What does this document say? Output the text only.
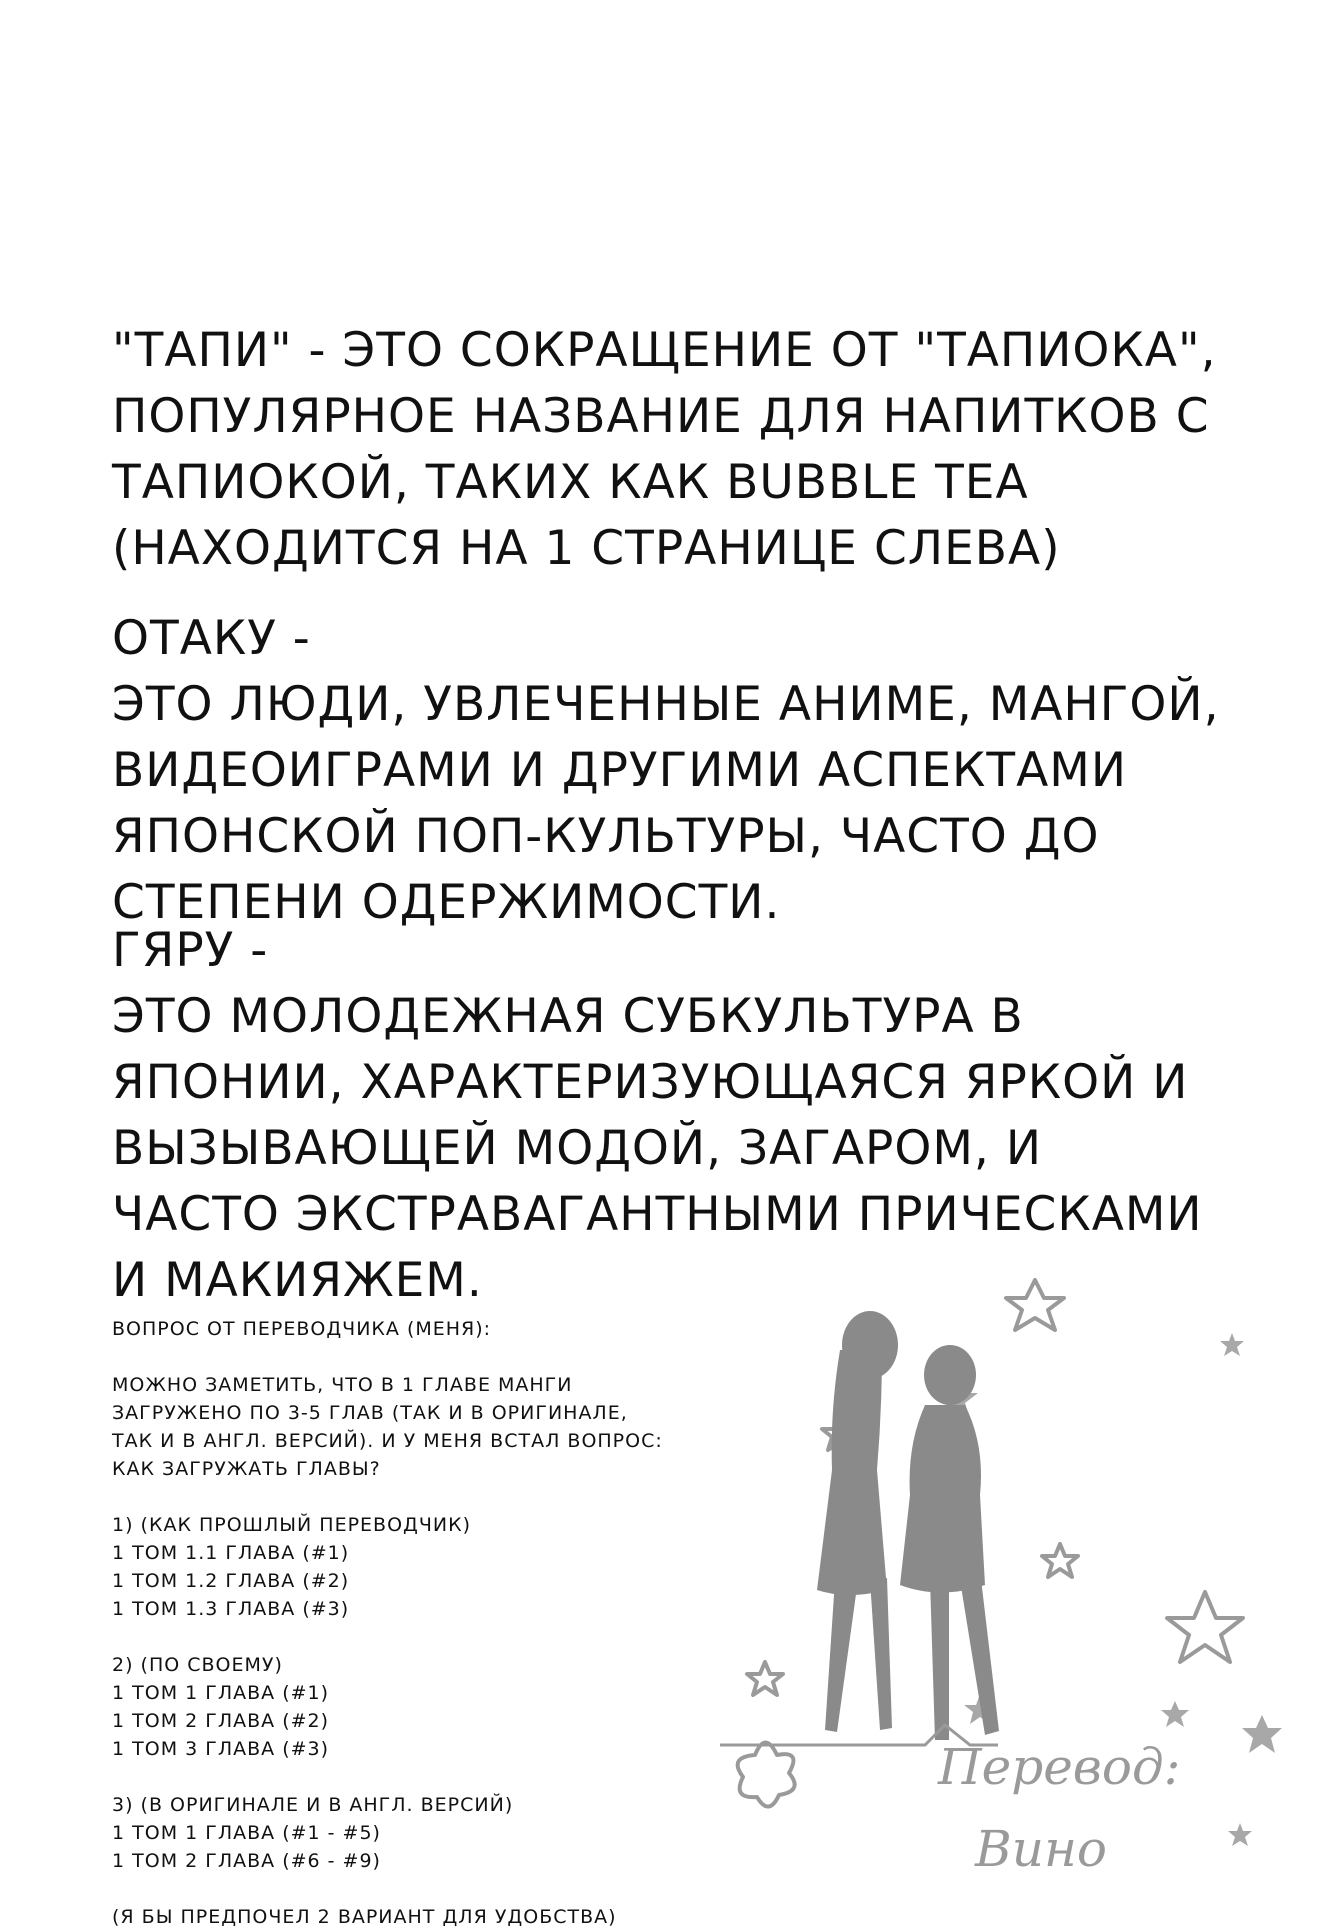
"ТАПИ" - ЭТО СОКРАЩЕНИЕ ОТ "ТАПИОКА",
ПОПУЛЯРНОЕ НАЗВАНИЕ ДЛЯ НАПИТКОВ С
ТАПИОКОЙ, ТАКИХ КАК BUBBLE TEA
(НАХОДИТСЯ НА 1 СТРАНИЦЕ СЛЕВА)
ОТАКУ -
ЭТО ЛЮДИ, УВЛЕЧЕННЫЕ АНИМЕ, МАНГОЙ,
ВИДЕОИГРАМИ И ДРУГИМИ АСПЕКТАМИ
ЯПОНСКОЙ ПОП-КУЛЬТУРЫ, ЧАСТО ДО
СТЕПЕНИ ОДЕРЖИМОСТИ.
ГЯРУ -
ЭТО МОЛОДЕЖНАЯ СУБКУЛЬТУРА В
ЯПОНИИ, ХАРАКТЕРИЗУЮЩАЯСЯ ЯРКОЙ И
ВЫЗЫВАЮЩЕЙ МОДОЙ, ЗАГАРОМ, И
ЧАСТО ЭКСТРАВАГАНТНЫМИ ПРИЧЕСКАМИ
И МАКИЯЖЕМ.
ВОПРОС ОТ ПЕРЕВОДЧИКА (МЕНЯ):
МОЖНО ЗАМЕТИТЬ, ЧТО В 1 ГЛАВЕ МАНГИ
ЗАГРУЖЕНО ПО 3-5 ГЛАВ (ТАК И В ОРИГИНАЛЕ,
ТАК И В АНГЛ. ВЕРСИЙ). И У МЕНЯ ВСТАЛ ВОПРОС:
КАК ЗАГРУЖАТЬ ГЛАВЫ?
1) (КАК ПРОШЛЫЙ ПЕРЕВОДЧИК)
1 ТОМ 1.1 ГЛАВА (#1)
1 ТОМ 1.2 ГЛАВА (#2)
1 ТОМ 1.3 ГЛАВА (#3)
2) (ПО СВОЕМУ)
1 ТОМ 1 ГЛАВА (#1)
1 ТОМ 2 ГЛАВА (#2)
1 ТОМ 3 ГЛАВА (#3)
3) (В ОРИГИНАЛЕ И В АНГЛ. ВЕРСИЙ)
1 ТОМ 1 ГЛАВА (#1 - #5)
1 ТОМ 2 ГЛАВА (#6 - #9)
(Я БЫ ПРЕДПОЧЕЛ 2 ВАРИАНТ ДЛЯ УДОБСТВА)
Перевод:
Вино
